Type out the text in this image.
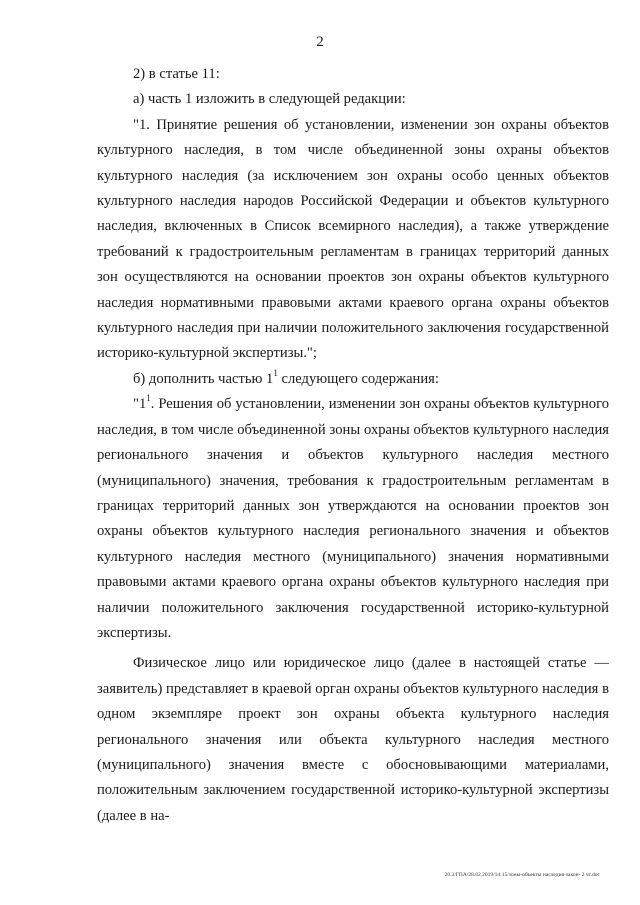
2

2) в статье 11:

а) часть 1 изложить в следующей редакции:

"1. Принятие решения об установлении, изменении зон охраны объектов культурного наследия, в том числе объединенной зоны охраны объектов культурного наследия (за исключением зон охраны особо ценных объектов культурного наследия народов Российской Федерации и объектов культурного наследия, включенных в Список всемирного наследия), а также утверждение требований к градостроительным регламентам в границах территорий данных зон осуществляются на основании проектов зон охраны объектов культурного наследия нормативными правовыми актами краевого органа охраны объектов культурного наследия при наличии положительного заключения государственной историко-культурной экспертизы.";

б) дополнить частью $1^1$ следующего содержания:

"$1^1$. Решения об установлении, изменении зон охраны объектов культурного наследия, в том числе объединенной зоны охраны объектов культурного наследия регионального значения и объектов культурного наследия местного (муниципального) значения, требования к градостроительным регламентам в границах территорий данных зон утверждаются на основании проектов зон охраны объектов культурного наследия регионального значения и объектов культурного наследия местного (муниципального) значения нормативными правовыми актами краевого органа охраны объектов культурного наследия при наличии положительного заключения государственной историко-культурной экспертизы.

Физическое лицо или юридическое лицо (далее в настоящей статье — заявитель) представляет в краевой орган охраны объектов культурного наследия в одном экземпляре проект зон охраны объекта культурного наследия регионального значения или объекта культурного наследия местного (муниципального) значения вместе с обосновывающими материалами, положительным заключением государственной историко-культурной экспертизы (далее в на-

20.3/ГПА/28.02.2019/14:15/зоны-объекты наследия-закон- 2 чт.doc
